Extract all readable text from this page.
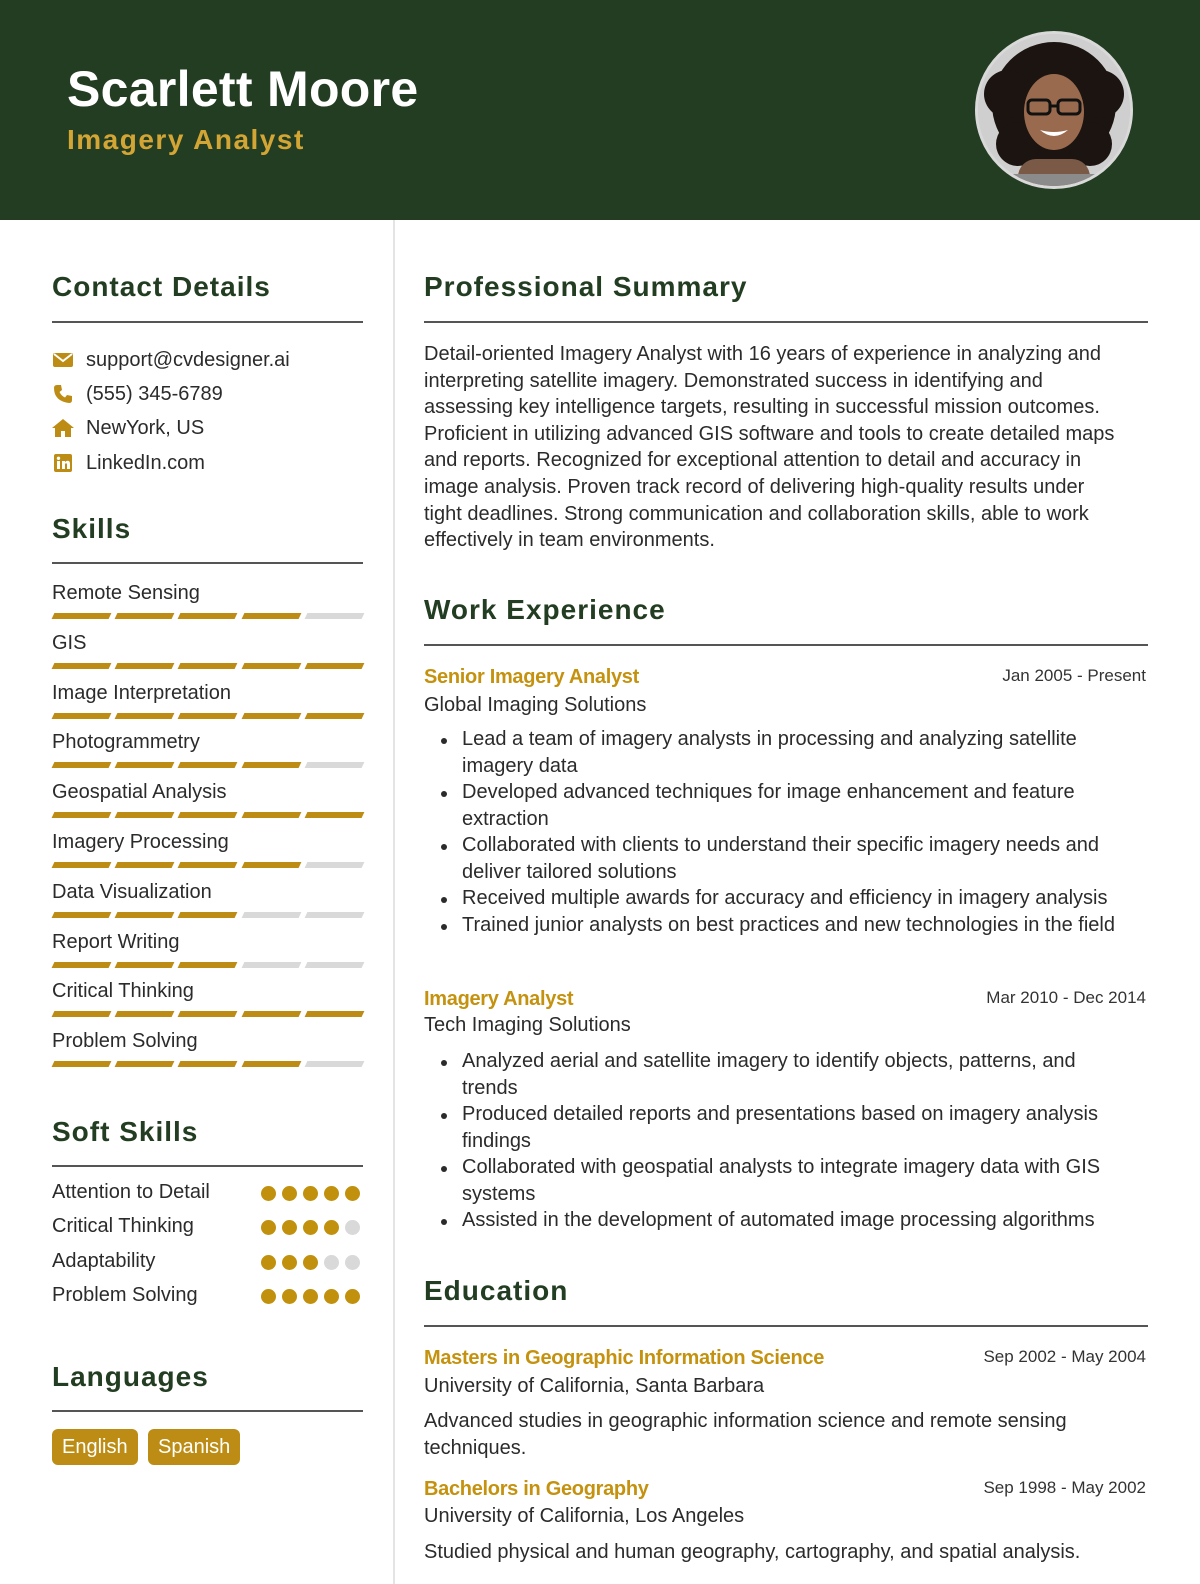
Scarlett Moore
Imagery Analyst
Contact Details
support@cvdesigner.ai
(555) 345-6789
NewYork, US
LinkedIn.com
Skills
Remote Sensing
GIS
Image Interpretation
Photogrammetry
Geospatial Analysis
Imagery Processing
Data Visualization
Report Writing
Critical Thinking
Problem Solving
Soft Skills
Attention to Detail
Critical Thinking
Adaptability
Problem Solving
Languages
English	Spanish
Professional Summary
Detail-oriented Imagery Analyst with 16 years of experience in analyzing and
interpreting satellite imagery. Demonstrated success in identifying and
assessing key intelligence targets, resulting in successful mission outcomes.
Proficient in utilizing advanced GIS software and tools to create detailed maps
and reports. Recognized for exceptional attention to detail and accuracy in
image analysis. Proven track record of delivering high-quality results under
tight deadlines. Strong communication and collaboration skills, able to work
effectively in team environments.
Work Experience
Senior Imagery Analyst	Jan 2005 - Present
Global Imaging Solutions
Lead a team of imagery analysts in processing and analyzing satellite
imagery data
Developed advanced techniques for image enhancement and feature
extraction
Collaborated with clients to understand their specific imagery needs and
deliver tailored solutions
Received multiple awards for accuracy and efficiency in imagery analysis
Trained junior analysts on best practices and new technologies in the field
Imagery Analyst	Mar 2010 - Dec 2014
Tech Imaging Solutions
Analyzed aerial and satellite imagery to identify objects, patterns, and
trends
Produced detailed reports and presentations based on imagery analysis
findings
Collaborated with geospatial analysts to integrate imagery data with GIS
systems
Assisted in the development of automated image processing algorithms
Education
Masters in Geographic Information Science	Sep 2002 - May 2004
University of California, Santa Barbara
Advanced studies in geographic information science and remote sensing
techniques.
Bachelors in Geography	Sep 1998 - May 2002
University of California, Los Angeles
Studied physical and human geography, cartography, and spatial analysis.
